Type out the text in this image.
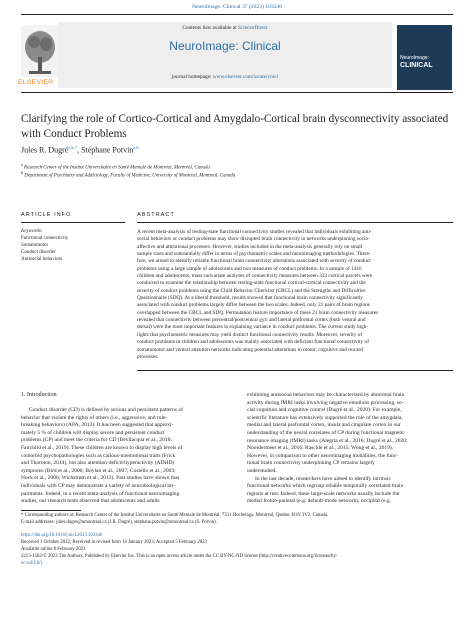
NeuroImage: Clinical 37 (2023) 103346
ELSEVIER
Contents lists available at ScienceDirect
NeuroImage: Clinical
journal homepage: www.elsevier.com/locate/ynicl
NeuroImage:
CLINICAL
Clarifying the role of Cortico-Cortical and Amygdalo-Cortical brain dysconnectivity associated with Conduct Problems
Jules R. Dugré$^{a,b,*}$, Stéphane Potvin$^{a,b}$
$^a$ Research Center of the Institut Universitaire en Santé Mentale de Montréal, Montreal, Canada
$^b$ Department of Psychiatry and Addictology, Faculty of Medicine, University of Montreal, Montreal, Canada
ARTICLE INFO	ABSTRACT
Keywords:
Functional connectivity
Somatomotor
Conduct disorder
Antisocial behaviors
A recent meta-analysis of resting-state functional connectivity studies revealed that individuals exhibiting anti-
social behaviors or conduct problems may show disrupted brain connectivity in networks underpinning socio-
affective and attentional processes. However, studies included in the meta-analysis generally rely on small
sample sizes and substantially differ in terms of psychometric scales and neuroimaging methodologies. There-
fore, we aimed to identify reliable functional brain connectivity alterations associated with severity of conduct
problems using a large sample of adolescents and two measures of conduct problems. In a sample of 1416
children and adolescents, mass-univariate analyses of connectivity measures between 333 cortical parcels were
conducted to examine the relationship between resting-state functional cortical-cortical connectivity and the
severity of conduct problems using the Child Behavior Checklist (CBCL) and the Strengths and Difficulties
Questionnaire (SDQ). At a liberal threshold, results showed that functional brain connectivity significantly
associated with conduct problems largely differ between the two scales. Indeed, only 21 pairs of brain regions
overlapped between the CBCL and SDQ. Permutation feature importance of these 21 brain connectivity measures
revealed that connectivity between precentral/postcentral gyri and lateral prefrontal cortex (both ventral and
dorsal) were the most important features in explaining variance in conduct problems. The current study high-
lights that psychometric measures may yield distinct functional connectivity results. Moreover, severity of
conduct problems in children and adolescents was mainly associated with deficient functional connectivity of
somatomotor and ventral attention networks indicating potential alterations in motor, cognitive and reward
processes.
1. Introduction

Conduct disorder (CD) is defined by serious and persistent patterns of

behavior that violate the rights of others (i.e., aggressive, and rule-
breaking behaviors) (APA, 2013). It has been suggested that approxi-
mately 5 % of children will display severe and persistent conduct
problems (CP) and meet the criteria for CD (Bevilacqua et al., 2018;
Fairchild et al., 2019). These children are known to display high levels of
comorbid psychopathologies such as callous-unemotional traits (Frick
and Thornton, 2014), but also attention-deficit/hyperactivity (ADHD)
symptoms (Bird et al., 2006; Boylan et al., 2007; Costello et al., 2003;
Nock et al., 2006; Wichstrøm et al., 2012). Past studies have shown that
individuals with CP may demonstrate a variety of neurobiological im-
pairments. Indeed, in a recent meta-analysis of functional neuroimaging
studies, our research team observed that adolescents and adults
exhibiting antisocial behaviors may be characterized by abnormal brain
activity during fMRI tasks involving negative emotions processing, so-
cial cognition and cognitive control (Dugré et al., 2020). For example,
scientific literature has extensively supported the role of the amygdala,
medial and lateral prefrontal cortex, insula and cingulate cortex in our
understanding of the neural correlates of CP during functional magnetic
resonance imaging (fMRI) tasks (Alegria et al., 2016; Dugré et al., 2020;
Noordermeer et al., 2016; Raschle et al., 2015; Wong et al., 2019).
However, in comparison to other neuroimaging modalities, the func-
tional brain connectivity underpinning CP remains largely
understudied.

In the last decade, researchers have aimed to identify intrinsic

functional networks which regroup reliable temporally correlated brain
regions at rest. Indeed, these large-scale networks usually include the
medial fronto-parietal (e.g. default-mode network), occipital (e.g.
* Corresponding authors at: Research Center of the Institut Universitaire en Santé Mentale de Montréal, 7331 Hochelaga, Montreal, Quebec H1N 3V2, Canada.
E-mail addresses: jules.dugre@umontreal.ca (J.R. Dugré), stephane.potvin@umontreal.ca (S. Potvin).
https://doi.org/10.1016/j.nicl.2023.103346
Received 1 October 2022; Received in revised form 14 January 2023; Accepted 5 February 2023
Available online 8 February 2023
2213-1582/© 2023 The Authors. Published by Elsevier Inc. This is an open access article under the CC BY-NC-ND license (http://creativecommons.org/licenses/by-
nc-nd/4.0/).
